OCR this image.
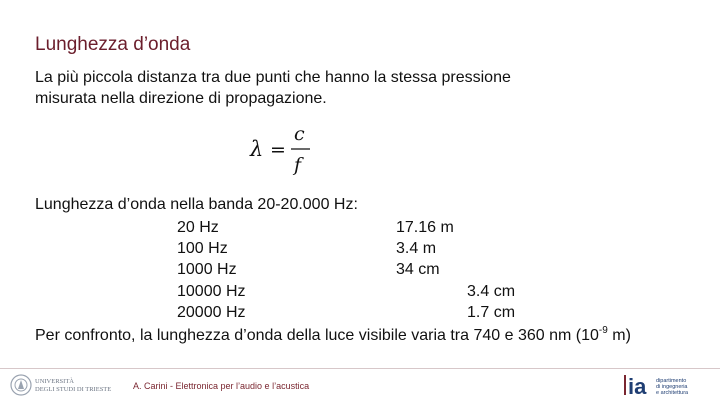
Lunghezza d’onda
La più piccola distanza tra due punti che hanno la stessa pressione
misurata nella direzione di propagazione.
λ =
c
f
Lunghezza d’onda nella banda 20-20.000 Hz:
20 Hz	17.16 m
100 Hz	3.4 m
1000 Hz	34 cm
10000 Hz	3.4 cm
20000 Hz	1.7 cm
Per confronto, la lunghezza d’onda della luce visibile varia tra 740 e 360 nm ($10^{-9}$ m)
UNIVERSITÀ
DEGLI STUDI DI TRIESTE A. Carini - Elettronica per l’audio e l’acustica	ia dipartimento
di ingegneria
e architettura
